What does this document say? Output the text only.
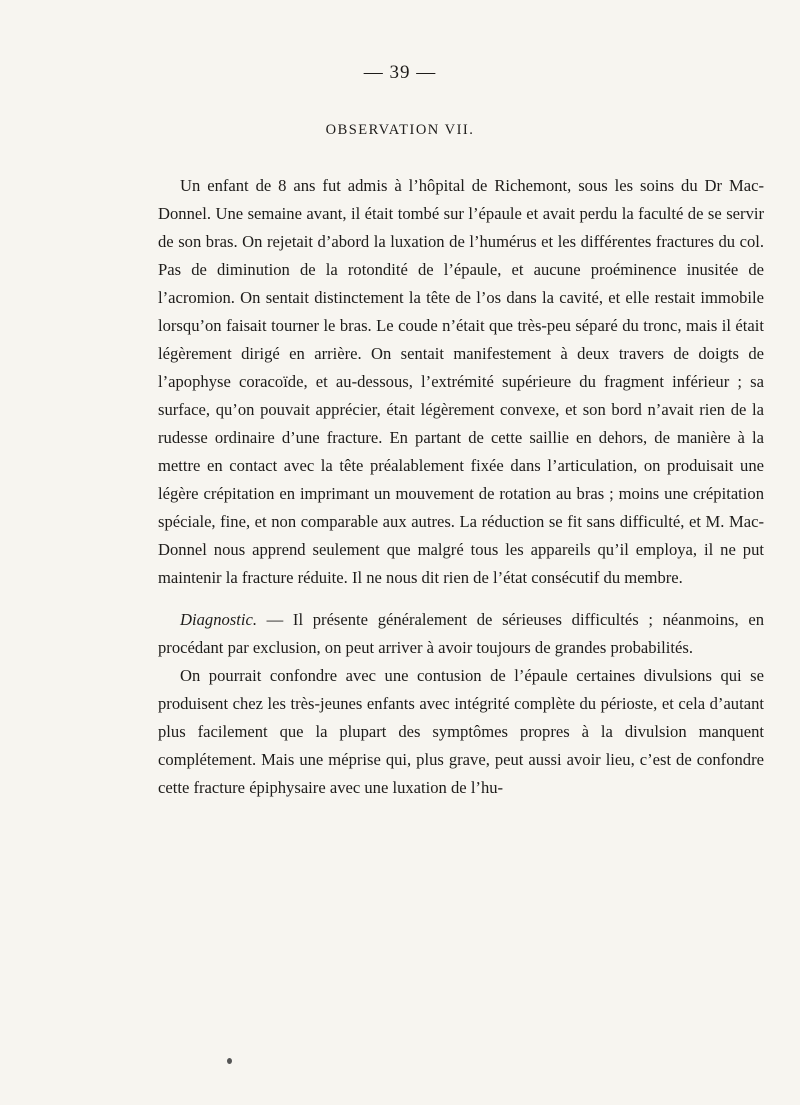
— 39 —
OBSERVATION VII.

Un enfant de 8 ans fut admis à l’hôpital de Richemont, sous les soins du Dr Mac-Donnel. Une semaine avant, il était tombé sur l’épaule et avait perdu la faculté de se servir de son bras. On rejetait d’abord la luxation de l’humérus et les différentes fractures du col. Pas de diminution de la rotondité de l’épaule, et aucune proéminence inusitée de l’acromion. On sentait distinctement la tête de l’os dans la cavité, et elle restait immobile lorsqu’on faisait tourner le bras. Le coude n’était que très-peu séparé du tronc, mais il était légèrement dirigé en arrière. On sentait manifestement à deux travers de doigts de l’apophyse coracoïde, et au-dessous, l’extrémité supérieure du fragment inférieur ; sa surface, qu’on pouvait apprécier, était légèrement convexe, et son bord n’avait rien de la rudesse ordinaire d’une fracture. En partant de cette saillie en dehors, de manière à la mettre en contact avec la tête préalablement fixée dans l’articulation, on produisait une légère crépitation en imprimant un mouvement de rotation au bras ; moins une crépitation spéciale, fine, et non comparable aux autres. La réduction se fit sans difficulté, et M. Mac-Donnel nous apprend seulement que malgré tous les appareils qu’il employa, il ne put maintenir la fracture réduite. Il ne nous dit rien de l’état consécutif du membre.

Diagnostic. — Il présente généralement de sérieuses difficultés ; néanmoins, en procédant par exclusion, on peut arriver à avoir toujours de grandes probabilités.

On pourrait confondre avec une contusion de l’épaule certaines divulsions qui se produisent chez les très-jeunes enfants avec intégrité complète du périoste, et cela d’autant plus facilement que la plupart des symptômes propres à la divulsion manquent complétement. Mais une méprise qui, plus grave, peut aussi avoir lieu, c’est de confondre cette fracture épiphysaire avec une luxation de l’hu-
